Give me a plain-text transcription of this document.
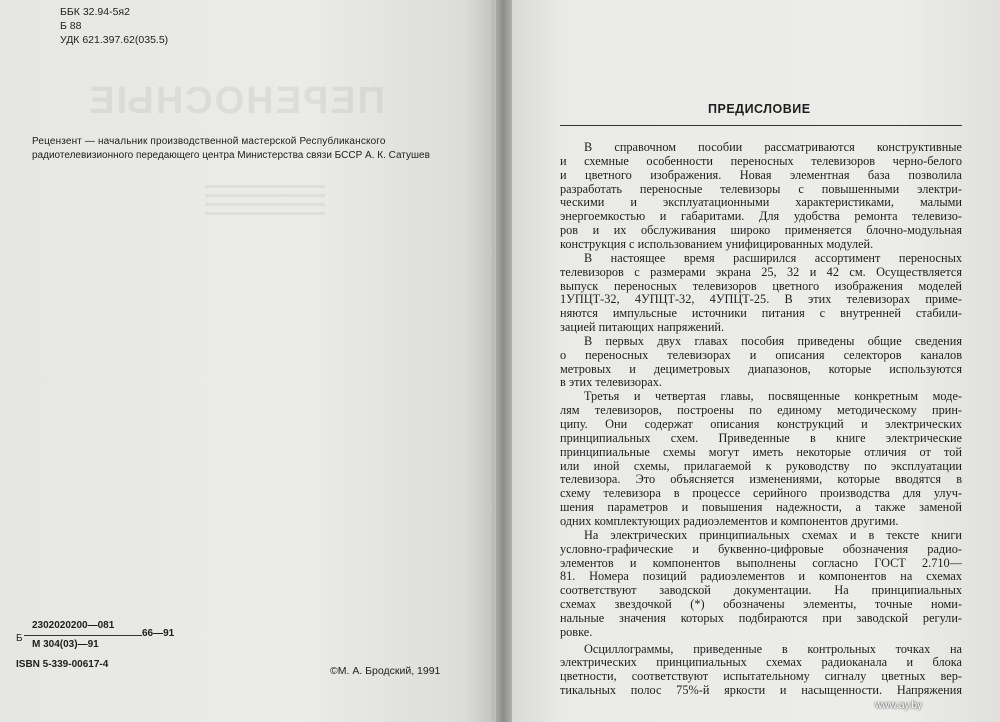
ББК 32.94-5я2
Б 88
УДК 621.397.62(035.5)
ПЕРЕНОСНЫЕ
Рецензент — начальник производственной мастерской Республиканского
радиотелевизионного передающего центра Министерства связи БССР А. К. Сатушев
2302020200—081
Б	66—91
М 304(03)—91
ISBN 5-339-00617-4
©М. А. Бродский, 1991
ПРЕДИСЛОВИЕ
В справочном пособии рассматриваются конструктивные
и схемные особенности переносных телевизоров черно-белого
и цветного изображения. Новая элементная база позволила
разработать переносные телевизоры с повышенными электри-
ческими и эксплуатационными характеристиками, малыми
энергоемкостью и габаритами. Для удобства ремонта телевизо-
ров и их обслуживания широко применяется блочно-модульная
конструкция с использованием унифицированных модулей.
В настоящее время расширился ассортимент переносных
телевизоров с размерами экрана 25, 32 и 42 см. Осуществляется
выпуск переносных телевизоров цветного изображения моделей
1УПЦТ-32, 4УПЦТ-32, 4УПЦТ-25. В этих телевизорах приме-
няются импульсные источники питания с внутренней стабили-
зацией питающих напряжений.
В первых двух главах пособия приведены общие сведения
о переносных телевизорах и описания селекторов каналов
метровых и дециметровых диапазонов, которые используются
в этих телевизорах.
Третья и четвертая главы, посвященные конкретным моде-
лям телевизоров, построены по единому методическому прин-
ципу. Они содержат описания конструкций и электрических
принципиальных схем. Приведенные в книге электрические
принципиальные схемы могут иметь некоторые отличия от той
или иной схемы, прилагаемой к руководству по эксплуатации
телевизора. Это объясняется изменениями, которые вводятся в
схему телевизора в процессе серийного производства для улуч-
шения параметров и повышения надежности, а также заменой
одних комплектующих радиоэлементов и компонентов другими.
На электрических принципиальных схемах и в тексте книги
условно-графические и буквенно-цифровые обозначения радио-
элементов и компонентов выполнены согласно ГОСТ 2.710—
81. Номера позиций радиоэлементов и компонентов на схемах
соответствуют заводской документации. На принципиальных
схемах звездочкой (*) обозначены элементы, точные номи-
нальные значения которых подбираются при заводской регули-
ровке.
Осциллограммы, приведенные в контрольных точках на
электрических принципиальных схемах радиоканала и блока
цветности, соответствуют испытательному сигналу цветных вер-
тикальных полос 75%-й яркости и насыщенности. Напряжения
www.ay.by
